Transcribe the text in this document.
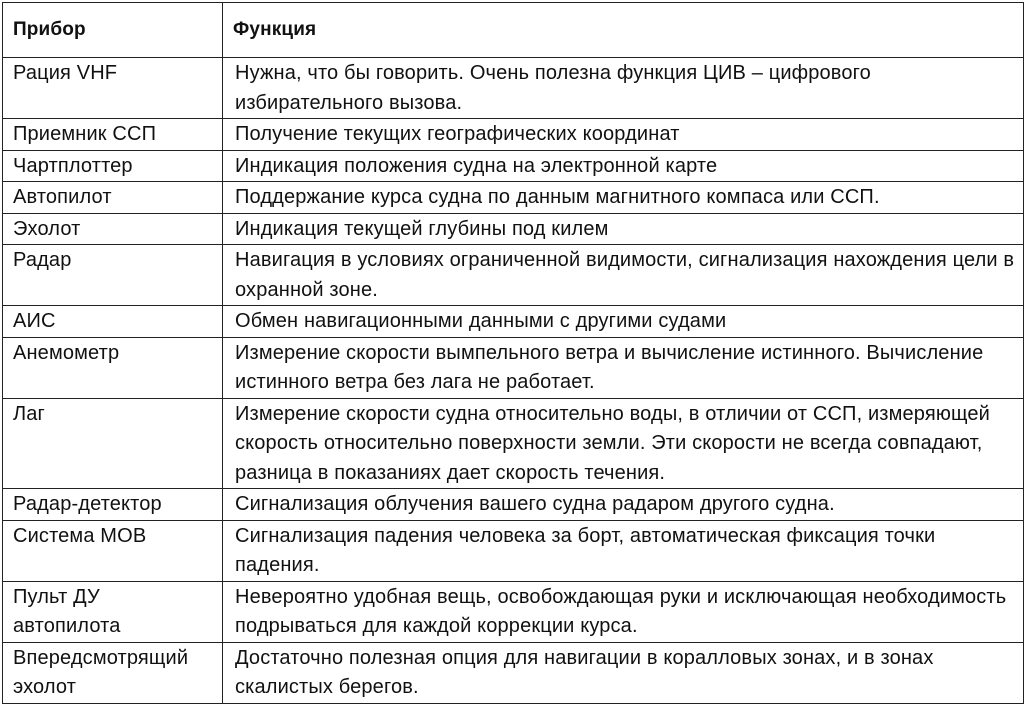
Прибор	Функция
Рация VHF	Нужна, что бы говорить. Очень полезна функция ЦИВ – цифрового избирательного вызова.
Приемник ССП	Получение текущих географических координат
Чартплоттер	Индикация положения судна на электронной карте
Автопилот	Поддержание курса судна по данным магнитного компаса или ССП.
Эхолот	Индикация текущей глубины под килем
Радар	Навигация в условиях ограниченной видимости, сигнализация нахождения цели в охранной зоне.
АИС	Обмен навигационными данными с другими судами
Анемометр	Измерение скорости вымпельного ветра и вычисление истинного. Вычисление истинного ветра без лага не работает.
Лаг	Измерение скорости судна относительно воды, в отличии от ССП, измеряющей скорость относительно поверхности земли. Эти скорости не всегда совпадают, разница в показаниях дает скорость течения.
Радар-детектор	Сигнализация облучения вашего судна радаром другого судна.
Система МОВ	Сигнализация падения человека за борт, автоматическая фиксация точки падения.
Пульт ДУ автопилота	Невероятно удобная вещь, освобождающая руки и исключающая необходимость подрываться для каждой коррекции курса.
Впередсмотрящий эхолот	Достаточно полезная опция для навигации в коралловых зонах, и в зонах скалистых берегов.
